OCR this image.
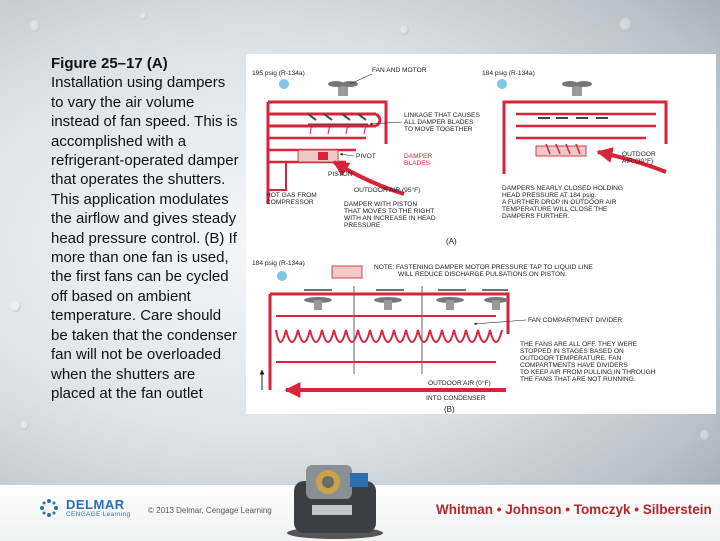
Figure 25–17 (A)
Installation using dampers to vary the air volume instead of fan speed. This is accomplished with a refrigerant-operated damper that operates the shutters. This application modulates the airflow and gives steady head pressure control. (B) If more than one fan is used, the first fans can be cycled off based on ambient temperature. Care should be taken that the condenser fan will not be overloaded when the shutters are placed at the fan outlet
195 psig (R-134a)	FAN AND MOTOR
LINKAGE THAT CAUSES
ALL DAMPER BLADES
TO MOVE TOGETHER
PIVOT	DAMPER
BLADES
PISTON
OUTDOOR AIR (95°F)
HOT GAS FROM
COMPRESSOR	DAMPER WITH PISTON
THAT MOVES TO THE RIGHT
WITH AN INCREASE IN HEAD
PRESSURE
184 psig (R-134a)
OUTDOOR
AIR (30°F)
DAMPERS NEARLY CLOSED HOLDING
HEAD PRESSURE AT 184 psig.
A FURTHER DROP IN OUTDOOR AIR
TEMPERATURE WILL CLOSE THE
DAMPERS FURTHER.
(A)
184 psig (R-134a)
NOTE: FASTENING DAMPER MOTOR PRESSURE TAP TO LIQUID LINE
WILL REDUCE DISCHARGE PULSATIONS ON PISTON.
FAN COMPARTMENT DIVIDER
THE FANS ARE ALL OFF. THEY WERE
STOPPED IN STAGES BASED ON
OUTDOOR TEMPERATURE. FAN
COMPARTMENTS HAVE DIVIDERS
TO KEEP AIR FROM PULLING IN THROUGH
THE FANS THAT ARE NOT RUNNING.
OUTDOOR AIR (0°F)
INTO CONDENSER
(B)
DELMAR
CENGAGE Learning © 2013 Delmar, Cengage Learning	Whitman • Johnson • Tomczyk • Silberstein
